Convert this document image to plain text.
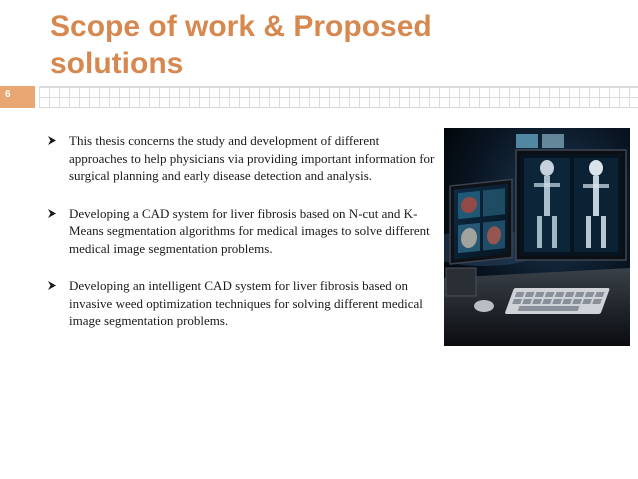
Scope of work & Proposed solutions
6
This thesis concerns the study and development of different approaches to help physicians via providing important information for surgical planning and early disease detection and analysis.
Developing a CAD system for liver fibrosis based on N-cut and K-Means segmentation algorithms for medical images to solve different medical image segmentation problems.
Developing an intelligent CAD system for liver fibrosis based on invasive weed optimization techniques for solving different medical image segmentation problems.
